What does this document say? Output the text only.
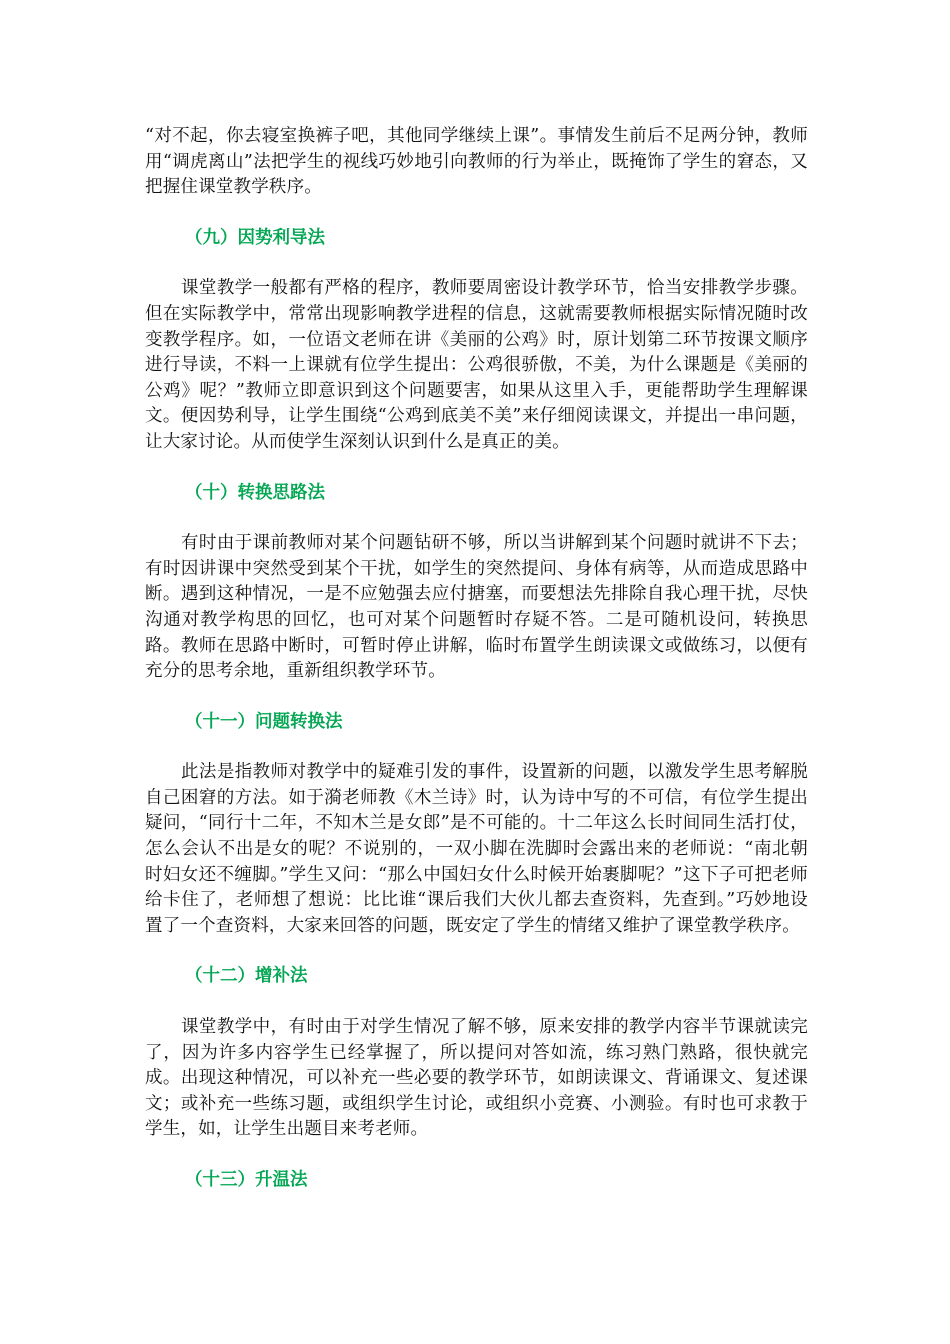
“对不起，你去寝室换裤子吧，其他同学继续上课”。事情发生前后不足两分钟，教师用“调虎离山”法把学生的视线巧妙地引向教师的行为举止，既掩饰了学生的窘态，又把握住课堂教学秩序。

（九）因势利导法

课堂教学一般都有严格的程序，教师要周密设计教学环节，恰当安排教学步骤。但在实际教学中，常常出现影响教学进程的信息，这就需要教师根据实际情况随时改变教学程序。如，一位语文老师在讲《美丽的公鸡》时，原计划第二环节按课文顺序进行导读，不料一上课就有位学生提出：公鸡很骄傲，不美，为什么课题是《美丽的公鸡》呢？”教师立即意识到这个问题要害，如果从这里入手，更能帮助学生理解课文。便因势利导，让学生围绕“公鸡到底美不美”来仔细阅读课文，并提出一串问题，让大家讨论。从而使学生深刻认识到什么是真正的美。

（十）转换思路法

有时由于课前教师对某个问题钻研不够，所以当讲解到某个问题时就讲不下去；有时因讲课中突然受到某个干扰，如学生的突然提问、身体有病等，从而造成思路中断。遇到这种情况，一是不应勉强去应付搪塞，而要想法先排除自我心理干扰，尽快沟通对教学构思的回忆，也可对某个问题暂时存疑不答。二是可随机设问，转换思路。教师在思路中断时，可暂时停止讲解，临时布置学生朗读课文或做练习，以便有充分的思考余地，重新组织教学环节。

（十一）问题转换法

此法是指教师对教学中的疑难引发的事件，设置新的问题，以激发学生思考解脱自己困窘的方法。如于漪老师教《木兰诗》时，认为诗中写的不可信，有位学生提出疑问，“同行十二年，不知木兰是女郎”是不可能的。十二年这么长时间同生活打仗，怎么会认不出是女的呢？不说别的，一双小脚在洗脚时会露出来的老师说：“南北朝时妇女还不缠脚。”学生又问：“那么中国妇女什么时候开始裹脚呢？”这下子可把老师给卡住了，老师想了想说：比比谁“课后我们大伙儿都去查资料，先查到。”巧妙地设置了一个查资料，大家来回答的问题，既安定了学生的情绪又维护了课堂教学秩序。

（十二）增补法

课堂教学中，有时由于对学生情况了解不够，原来安排的教学内容半节课就读完了，因为许多内容学生已经掌握了，所以提问对答如流，练习熟门熟路，很快就完成。出现这种情况，可以补充一些必要的教学环节，如朗读课文、背诵课文、复述课文；或补充一些练习题，或组织学生讨论，或组织小竞赛、小测验。有时也可求教于学生，如，让学生出题目来考老师。

（十三）升温法
